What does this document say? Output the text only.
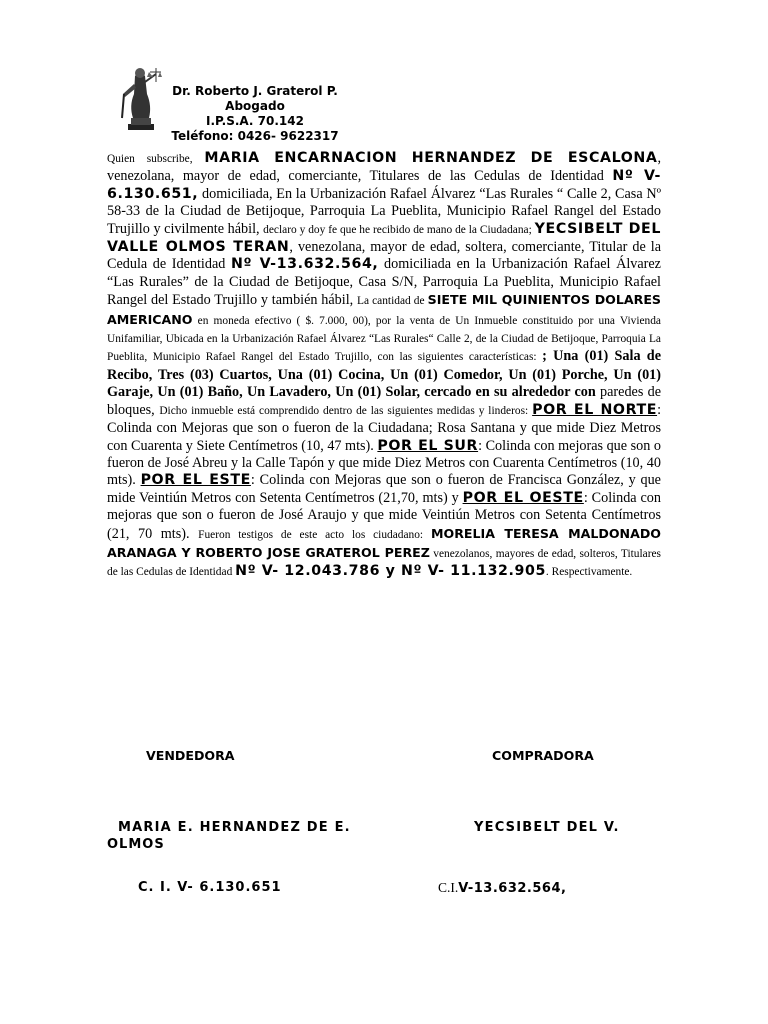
Dr. Roberto J. Graterol P.
Abogado
I.P.S.A. 70.142
Teléfono: 0426- 9622317
Quien subscribe, MARIA ENCARNACION HERNANDEZ DE ESCALONA, venezolana, mayor de edad, comerciante, Titulares de las Cedulas de Identidad Nº V- 6.130.651, domiciliada, En la Urbanización Rafael Álvarez “Las Rurales “ Calle 2, Casa Nº 58-33 de la Ciudad de Betijoque, Parroquia La Pueblita, Municipio Rafael Rangel del Estado Trujillo y civilmente hábil, declaro y doy fe que he recibido de mano de la Ciudadana; YECSIBELT DEL VALLE OLMOS TERAN, venezolana, mayor de edad, soltera, comerciante, Titular de la Cedula de Identidad Nº V-13.632.564, domiciliada en la Urbanización Rafael Álvarez “Las Rurales” de la Ciudad de Betijoque, Casa S/N, Parroquia La Pueblita, Municipio Rafael Rangel del Estado Trujillo y también hábil, La cantidad de SIETE MIL QUINIENTOS DOLARES AMERICANO en moneda efectivo ( $. 7.000, 00), por la venta de Un Inmueble constituido por una Vivienda Unifamiliar, Ubicada en la Urbanización Rafael Álvarez “Las Rurales“ Calle 2, de la Ciudad de Betijoque, Parroquia La Pueblita, Municipio Rafael Rangel del Estado Trujillo, con las siguientes características: ; Una (01) Sala de Recibo, Tres (03) Cuartos, Una (01) Cocina, Un (01) Comedor, Un (01) Porche, Un (01) Garaje, Un (01) Baño, Un Lavadero, Un (01) Solar, cercado en su alrededor con paredes de bloques, Dicho inmueble está comprendido dentro de las siguientes medidas y linderos: POR EL NORTE: Colinda con Mejoras que son o fueron de la Ciudadana; Rosa Santana y que mide Diez Metros con Cuarenta y Siete Centímetros (10, 47 mts). POR EL SUR: Colinda con mejoras que son o fueron de José Abreu y la Calle Tapón y que mide Diez Metros con Cuarenta Centímetros (10, 40 mts). POR EL ESTE: Colinda con Mejoras que son o fueron de Francisca González, y que mide Veintiún Metros con Setenta Centímetros (21,70, mts) y POR EL OESTE: Colinda con mejoras que son o fueron de José Araujo y que mide Veintiún Metros con Setenta Centímetros (21, 70 mts). Fueron testigos de este acto los ciudadano: MORELIA TERESA MALDONADO ARANAGA Y ROBERTO JOSE GRATEROL PEREZ venezolanos, mayores de edad, solteros, Titulares de las Cedulas de Identidad Nº V- 12.043.786 y Nº V- 11.132.905. Respectivamente.
VENDEDORA	COMPRADORA
MARIA E. HERNANDEZ DE E.
OLMOS
YECSIBELT DEL V.
C. I. V- 6.130.651	C.I.V-13.632.564,
